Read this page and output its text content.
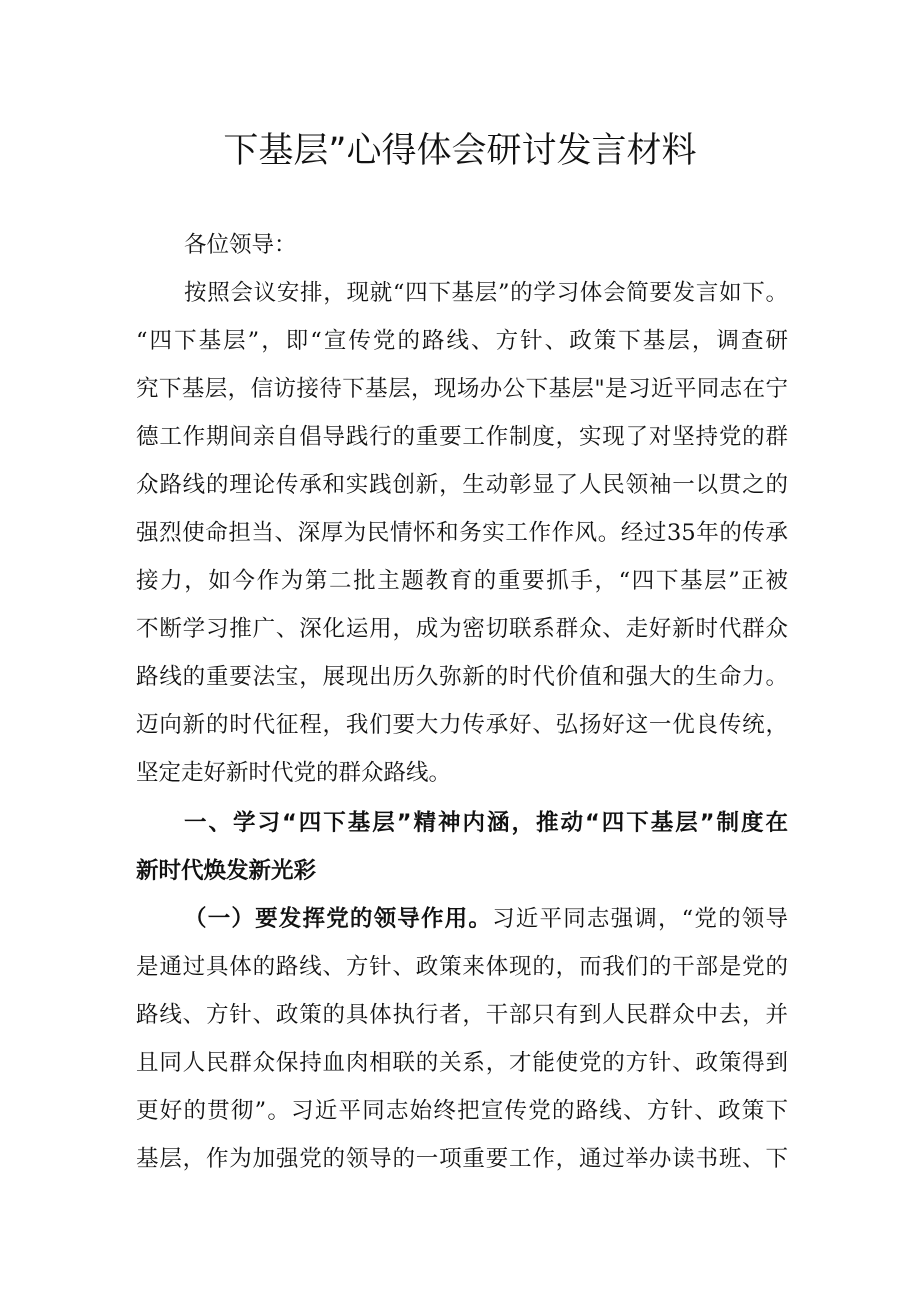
下基层”心得体会研讨发言材料
各位领导：
按照会议安排，现就“四下基层”的学习体会简要发言如下。
“四下基层”，即“宣传党的路线、方针、政策下基层，调查研
究下基层，信访接待下基层，现场办公下基层"是习近平同志在宁
德工作期间亲自倡导践行的重要工作制度，实现了对坚持党的群
众路线的理论传承和实践创新，生动彰显了人民领袖一以贯之的
强烈使命担当、深厚为民情怀和务实工作作风。经过35年的传承
接力，如今作为第二批主题教育的重要抓手，“四下基层”正被
不断学习推广、深化运用，成为密切联系群众、走好新时代群众
路线的重要法宝，展现出历久弥新的时代价值和强大的生命力。
迈向新的时代征程，我们要大力传承好、弘扬好这一优良传统，
坚定走好新时代党的群众路线。
一、学习“四下基层”精神内涵，推动“四下基层”制度在
新时代焕发新光彩
（一）要发挥党的领导作用。习近平同志强调，“党的领导
是通过具体的路线、方针、政策来体现的，而我们的干部是党的
路线、方针、政策的具体执行者，干部只有到人民群众中去，并
且同人民群众保持血肉相联的关系，才能使党的方针、政策得到
更好的贯彻”。习近平同志始终把宣传党的路线、方针、政策下
基层，作为加强党的领导的一项重要工作，通过举办读书班、下
